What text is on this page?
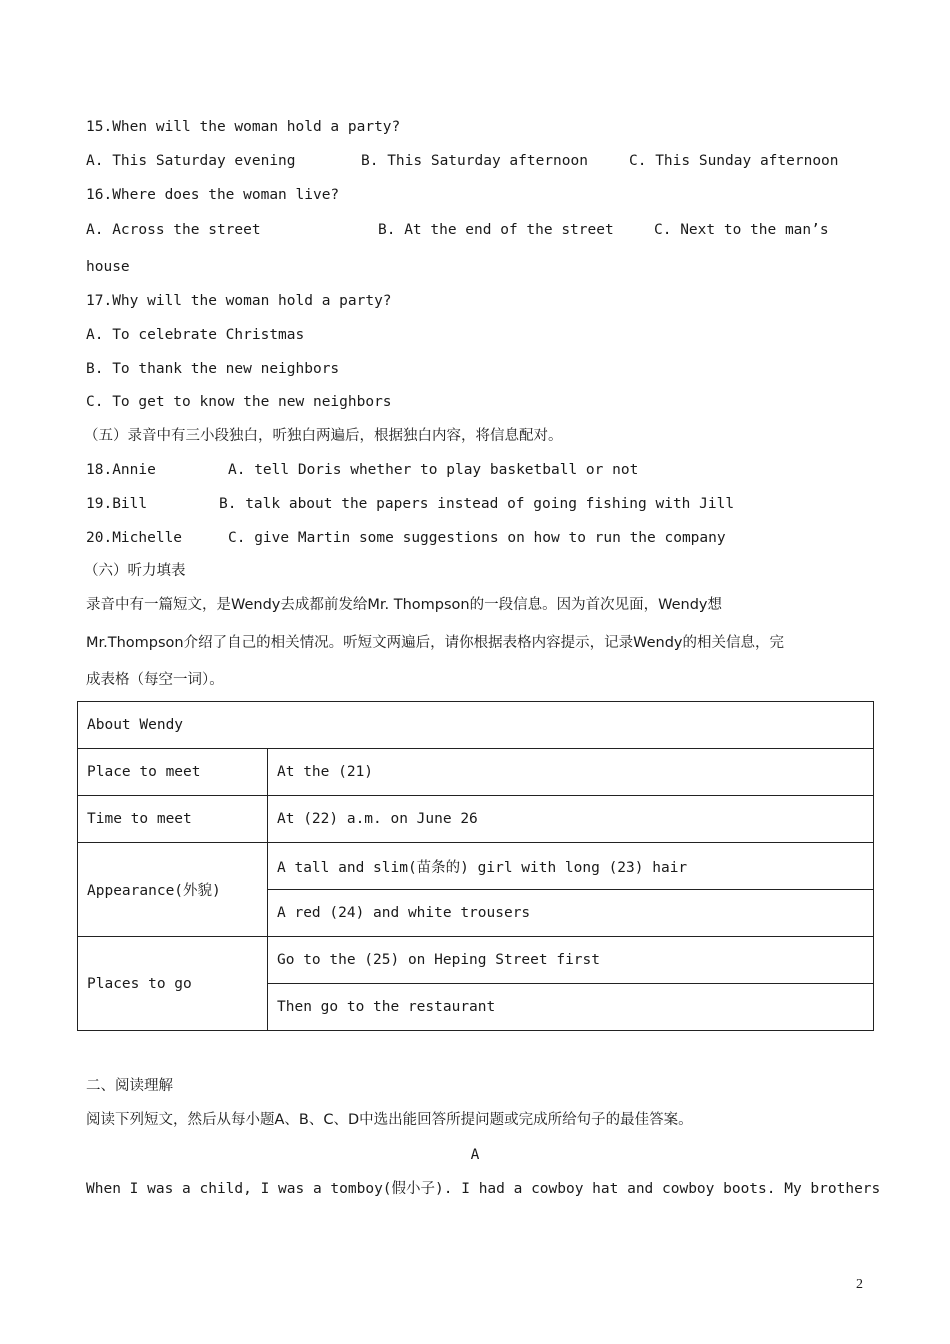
15.When will the woman hold a party?
A. This Saturday evening	B. This Saturday afternoon	C. This Sunday afternoon
16.Where does the woman live?
A. Across the street	B. At the end of the street	C. Next to the man’s
house
17.Why will the woman hold a party?
A. To celebrate Christmas
B. To thank the new neighbors
C. To get to know the new neighbors
（五）录音中有三小段独白，听独白两遍后，根据独白内容，将信息配对。
18.Annie	A. tell Doris whether to play basketball or not
19.Bill	B. talk about the papers instead of going fishing with Jill
20.Michelle	C. give Martin some suggestions on how to run the company
（六）听力填表
录音中有一篇短文，是Wendy去成都前发给Mr. Thompson的一段信息。因为首次见面，Wendy想
Mr.Thompson介绍了自己的相关情况。听短文两遍后，请你根据表格内容提示，记录Wendy的相关信息，完
成表格（每空一词）。
About Wendy	
Place to meet	At the (21)
Time to meet	At (22) a.m. on June 26
Appearance(外貌)	A tall and slim(苗条的) girl with long (23) hair
	A red (24) and white trousers
Places to go	Go to the (25) on Heping Street first
	Then go to the restaurant
二、阅读理解
阅读下列短文，然后从每小题A、B、C、D中选出能回答所提问题或完成所给句子的最佳答案。
A
When I was a child, I was a tomboy(假小子). I had a cowboy hat and cowboy boots. My brothers
2
